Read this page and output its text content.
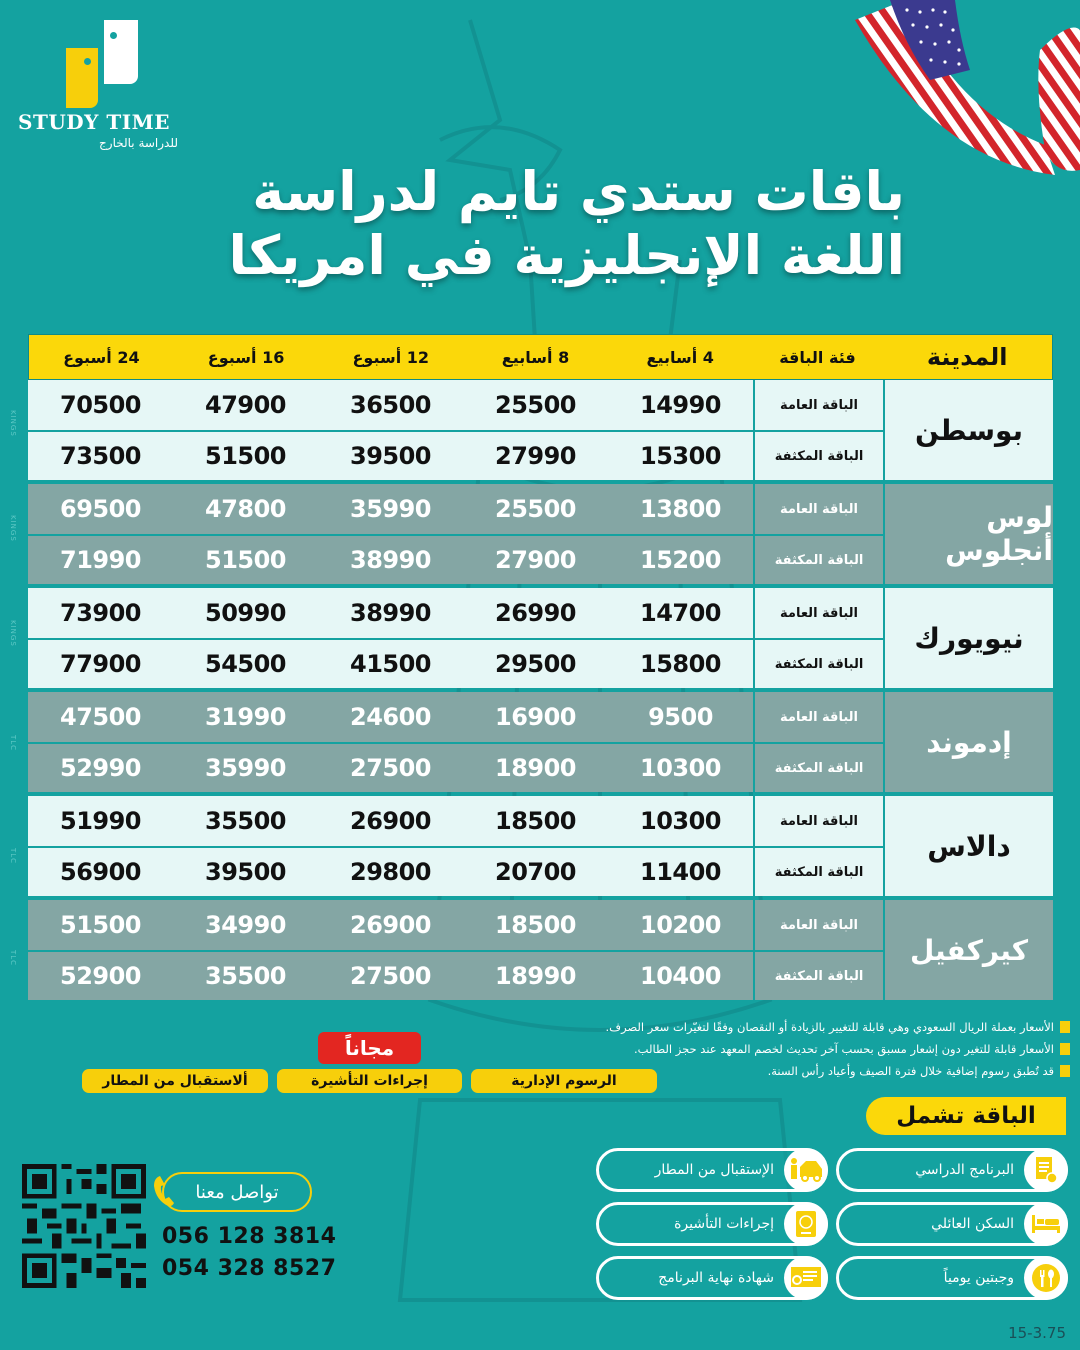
STUDY TIME
للدراسة بالخارج
باقات ستدي تايم لدراسة
اللغة الإنجليزية في امريكا
KINGS
KINGS
KINGS
TLC
TLC
TLC
المدينة
فئة الباقة
4 أسابيع
8 أسابيع
12 أسبوع
16 أسبوع
24 أسبوع
بوسطن
الباقة العامة
14990
25500
36500
47900
70500
الباقة المكثفة
15300
27990
39500
51500
73500
لوس أنجلوس
الباقة العامة
13800
25500
35990
47800
69500
الباقة المكثفة
15200
27900
38990
51500
71990
نيويورك
الباقة العامة
14700
26990
38990
50990
73900
الباقة المكثفة
15800
29500
41500
54500
77900
إدموند
الباقة العامة
9500
16900
24600
31990
47500
الباقة المكثفة
10300
18900
27500
35990
52990
دالاس
الباقة العامة
10300
18500
26900
35500
51990
الباقة المكثفة
11400
20700
29800
39500
56900
كيركفيل
الباقة العامة
10200
18500
26900
34990
51500
الباقة المكثفة
10400
18990
27500
35500
52900
الأسعار بعملة الريال السعودي وهي قابلة للتغيير بالزيادة أو النقصان وفقًا لتغيّرات سعر الصرف.
الأسعار قابلة للتغير دون إشعار مسبق بحسب آخر تحديث لخصم المعهد عند حجز الطالب.
قد تُطبق رسوم إضافية خلال فترة الصيف وأعياد رأس السنة.
مجاناً
الرسوم الإدارية
إجراءات التأشيرة
ألاستقبال من المطار
الباقة تشمل
البرنامج الدراسي
الإستقبال من المطار
السكن العائلي
إجراءات التأشيرة
وجبتين يومياً
شهادة نهاية البرنامج
تواصل معنا
056 128 3814
054 328 8527
15-3.75
